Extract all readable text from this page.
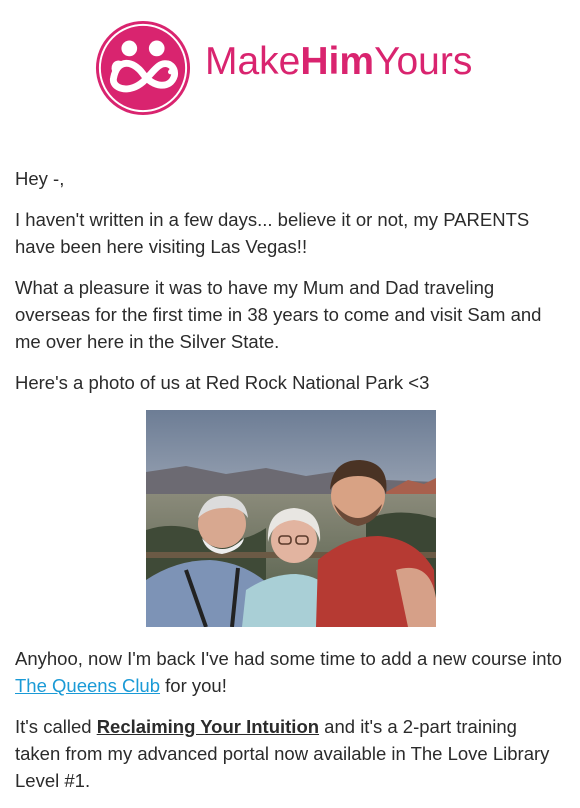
MakeHimYours

Hey -,

I haven't written in a few days... believe it or not, my PARENTS have been here visiting Las Vegas!!

What a pleasure it was to have my Mum and Dad traveling overseas for the first time in 38 years to come and visit Sam and me over here in the Silver State.

Here's a photo of us at Red Rock National Park <3

Anyhoo, now I'm back I've had some time to add a new course into The Queens Club for you!

It's called Reclaiming Your Intuition and it's a 2-part training taken from my advanced portal now available in The Love Library Level #1.
